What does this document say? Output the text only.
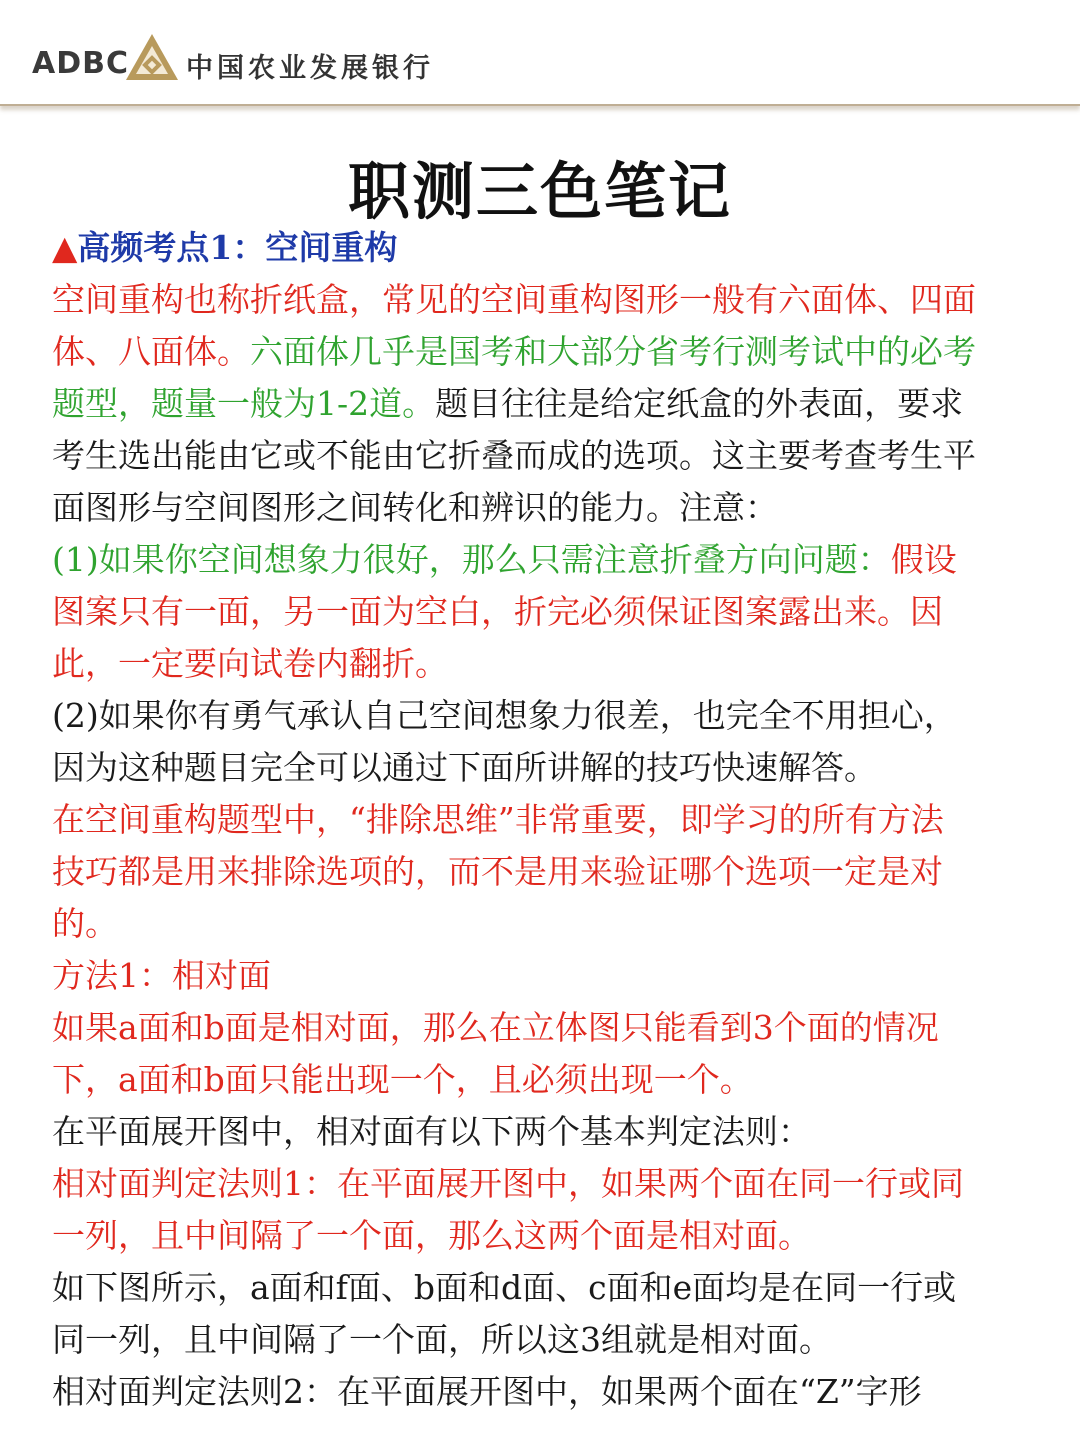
ADBC 中国农业发展银行
职测三色笔记
▲高频考点1：空间重构
空间重构也称折纸盒，常见的空间重构图形一般有六面体、四面
体、八面体。六面体几乎是国考和大部分省考行测考试中的必考
题型，题量一般为1-2道。题目往往是给定纸盒的外表面，要求
考生选出能由它或不能由它折叠而成的选项。这主要考查考生平
面图形与空间图形之间转化和辨识的能力。注意：
(1)如果你空间想象力很好，那么只需注意折叠方向问题：假设
图案只有一面，另一面为空白，折完必须保证图案露出来。因
此，一定要向试卷内翻折。
(2)如果你有勇气承认自己空间想象力很差，也完全不用担心，
因为这种题目完全可以通过下面所讲解的技巧快速解答。
在空间重构题型中，“排除思维”非常重要，即学习的所有方法
技巧都是用来排除选项的，而不是用来验证哪个选项一定是对
的。
方法1：相对面
如果a面和b面是相对面，那么在立体图只能看到3个面的情况
下，a面和b面只能出现一个，且必须出现一个。
在平面展开图中，相对面有以下两个基本判定法则：
相对面判定法则1：在平面展开图中，如果两个面在同一行或同
一列，且中间隔了一个面，那么这两个面是相对面。
如下图所示，a面和f面、b面和d面、c面和e面均是在同一行或
同一列，且中间隔了一个面，所以这3组就是相对面。
相对面判定法则2：在平面展开图中，如果两个面在“Z”字形
